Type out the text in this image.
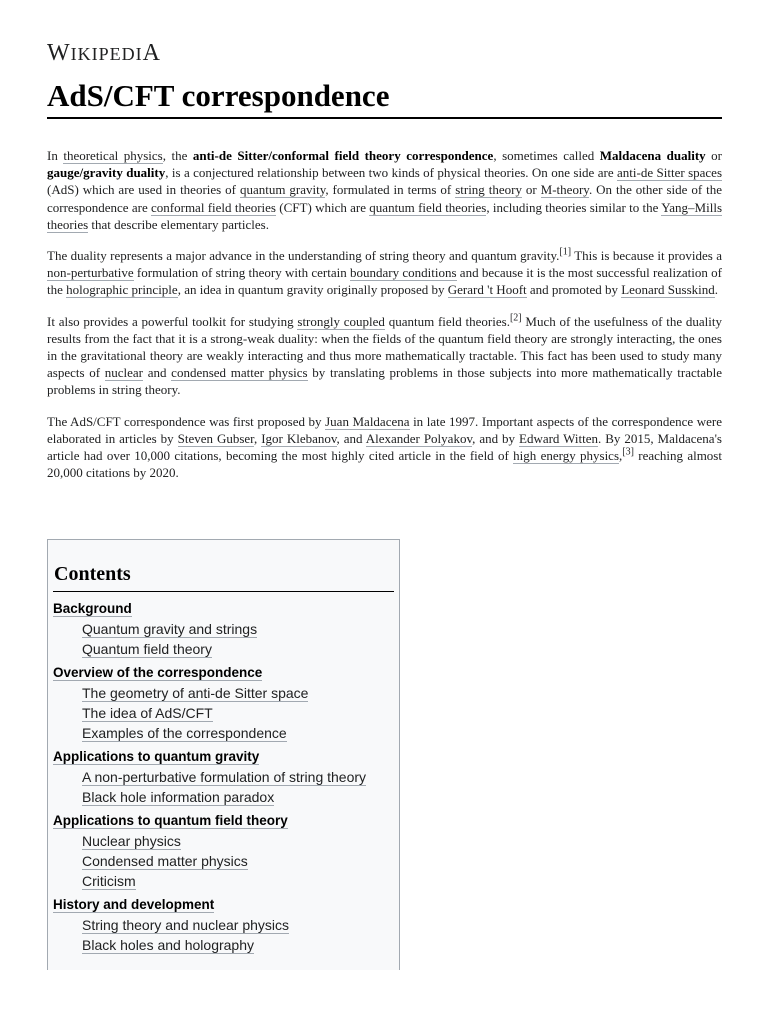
WIKIPEDIA
AdS/CFT correspondence

In theoretical physics, the anti-de Sitter/conformal field theory correspondence, sometimes called Maldacena duality or gauge/gravity duality, is a conjectured relationship between two kinds of physical theories. On one side are anti-de Sitter spaces (AdS) which are used in theories of quantum gravity, formulated in terms of string theory or M-theory. On the other side of the correspondence are conformal field theories (CFT) which are quantum field theories, including theories similar to the Yang–Mills theories that describe elementary particles.

The duality represents a major advance in the understanding of string theory and quantum gravity.[1] This is because it provides a non-perturbative formulation of string theory with certain boundary conditions and because it is the most successful realization of the holographic principle, an idea in quantum gravity originally proposed by Gerard 't Hooft and promoted by Leonard Susskind.

It also provides a powerful toolkit for studying strongly coupled quantum field theories.[2] Much of the usefulness of the duality results from the fact that it is a strong-weak duality: when the fields of the quantum field theory are strongly interacting, the ones in the gravitational theory are weakly interacting and thus more mathematically tractable. This fact has been used to study many aspects of nuclear and condensed matter physics by translating problems in those subjects into more mathematically tractable problems in string theory.

The AdS/CFT correspondence was first proposed by Juan Maldacena in late 1997. Important aspects of the correspondence were elaborated in articles by Steven Gubser, Igor Klebanov, and Alexander Polyakov, and by Edward Witten. By 2015, Maldacena's article had over 10,000 citations, becoming the most highly cited article in the field of high energy physics,[3] reaching almost 20,000 citations by 2020.

Contents
Background
Quantum gravity and strings
Quantum field theory
Overview of the correspondence
The geometry of anti-de Sitter space
The idea of AdS/CFT
Examples of the correspondence
Applications to quantum gravity
A non-perturbative formulation of string theory
Black hole information paradox
Applications to quantum field theory
Nuclear physics
Condensed matter physics
Criticism
History and development
String theory and nuclear physics
Black holes and holography
